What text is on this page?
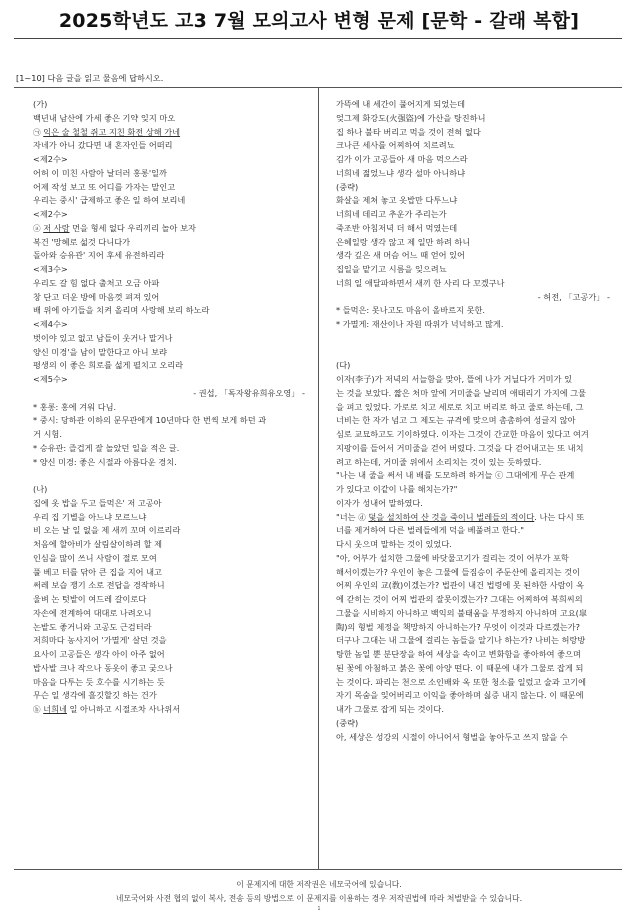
2025학년도 고3 7월 모의고사 변형 문제 [문학 - 갈래 복합]
[1~10] 다음 글을 읽고 물음에 답하시오.
(가)
백년내 남산에 가세 좋은 기약 잊지 마오
㉠ 익은 술 철철 쥐고 지친 화전 상해 가네
자네가 아니 갔다면 내 혼자인들 어떠리
<제2수>
어허 이 미친 사람아 날더러 홍롱'일까
어제 작성 보고 또 어디를 가자는 말인고
우리는 중시' 급제하고 좋은 일 하여 보리네
<제2수>
ⓐ 저 사람 먼을 형세 없다 우리끼리 놀아 보자
복건 '망혜로 섧것 다니다가
돌아와 승유관' 지어 후세 유전하리라
<제3수>
우리도 갈 힘 없다 출처고 오금 아파
창 단고 더운 방에 마음껏 펴져 있어
배 위에 아기들을 치켜 올리며 사랑해 보리 하노라
<제4수>
벗이야 있고 없고 남들이 웃거나 말거나
양신 미경'을 남이 말한다고 아니 보랴
평생의 이 좋은 희로를 섧게 펼치고 오리라
<제5수>
- 권섭, 「독자왕유희유오영」 -
* 홍롱: 홍에 겨워 다님.
* 중시: 당하관 이하의 문무관에게 10년마다 한 번씩 보게 하던 과
거 시험.
* 승유관: 즐겁게 잘 놀았던 일을 적은 글.
* 양신 미경: 좋은 시절과 아름다운 경치.
(나)
집에 옷 밥을 두고 들먹은' 저 고공아
우리 집 기별을 아느냐 모르느냐
비 오는 날 일 없을 제 새끼 꼬며 이르리라
처음에 할아비가 살림살이하려 할 제
인심을 많이 쓰니 사람이 절로 모여
풀 베고 터를 닦아 큰 집을 지어 내고
써레 보습 쟁기 소로 전답을 경작하니
울벼 논 텃밭이 여드레 갈이로다
자손에 전계하여 대대로 나려오니
논밭도 좋거니와 고공도 근검터라
저희마다 농사지어 '가멸게' 살던 것을
요사이 고공들은 생각 아이 아주 없어
밥사발 크나 작으나 동옷이 좋고 궂으나
마음을 다투는 듯 호수를 시기하는 듯
무슨 일 생각에 흘깃할깃 하는 건가
ⓑ 너희네 일 아니하고 시절조차 사나위서
가뜩에 내 세간이 풀어지게 되었는데
엊그제 화강도(火强盜)에 가산을 탕진하니
집 하나 불타 버리고 먹을 것이 전혀 없다
크나큰 세사를 어찌하여 치르려뇨
김가 이가 고공들아 새 마음 먹으스라
너희네 젊었느냐 생각 설마 아니하냐
(중략)
화살을 제쳐 놓고 옷밥만 다투느냐
너희네 데리고 추운가 주리는가
죽조반 아침저녁 더 해서 먹였는데
은혜일랑 생각 않고 제 일만 하려 하니
생각 깊은 새 머슴 어느 때 얻어 있어
집일을 맡기고 시름을 잊으려뇨
너희 일 애달파하면서 새끼 한 사리 다 꼬겠구나
- 허전, 「고공가」 -
* 들먹은: 못나고도 마음이 올바르지 못한.
* 가멸게: 재산이나 자원 따위가 넉넉하고 많게.
(다)
이자(李子)가 저녁의 서늘함을 맞아, 뜰에 나가 거닐다가 거미가 있
는 것을 보았다. 짧은 처마 앞에 거미줄을 날리며 애태리기 가지에 그물
을 펴고 있었다. 가로로 치고 세로로 치고 버리로 하고 줄로 하는데, 그
너비는 한 자가 넘고 그 제도는 규격에 맞으며 촘촘하여 성글지 않아
심로 교묘하고도 기이하였다. 이자는 그것이 간교한 마음이 있다고 여겨
지팡이를 들어서 거미줄을 걷어 버렸다. 그것을 다 걷어내고는 또 내치
려고 하는데, 거미줄 위에서 소리치는 것이 있는 듯하였다.
"나는 내 줄을 써서 내 배를 도모하려 하거늘 ⓒ 그대에게 무슨 관계
가 있다고 이같이 나를 해치는가?"
이자가 성내어 말하였다.
"너는 ⓓ 덫을 설치하여 산 것을 죽이니 벌레들의 적이다. 나는 다시 또
너를 제거하여 다른 벌레들에게 덕을 베풀려고 한다."
다시 웃으며 말하는 것이 있었다.
"아, 어부가 설치한 그물에 바닷물고기가 걸리는 것이 어부가 포학
해서이겠는가? 우인이 놓은 그물에 들짐승이 주둔산에 올리지는 것이
어찌 우인의 교(敎)이겠는가? 법관이 내건 법령에 못 된하한 사람이 옥
에 갇히는 것이 어찌 법관의 잘못이겠는가? 그대는 어찌하여 복희씨의
그물을 시비하지 아니하고 백익의 불태움을 부정하지 아니하며 고요(皐
陶)의 형벌 제정을 책망하지 아니하는가? 무엇이 이것과 다르겠는가?
더구나 그대는 내 그물에 걸리는 놈들을 알기나 하는가? 나비는 허랑방
탕한 놈일 뿐 분단장을 하여 세상을 속이고 변화함을 좋아하여 좋으며
된 꽃에 아첨하고 붉은 꽃에 아양 떤다. 이 때문에 내가 그물로 잡게 되
는 것이다. 파리는 천으로 소인배와 옥 또한 청소를 일렀고 술과 고기에
자기 목숨을 잊어버리고 이익을 좋아하며 싫증 내지 않는다. 이 때문에
내가 그물로 잡게 되는 것이다.
(중략)
아, 세상은 성강의 시절이 아니어서 형벌을 놓아두고 쓰지 않을 수
이 문제지에 대한 저작권은 네모국어에 있습니다.
네모국어와 사전 협의 없이 복사, 전송 등의 방법으로 이 문제지를 이용하는 경우 저작권법에 따라 처벌받을 수 있습니다.
1
